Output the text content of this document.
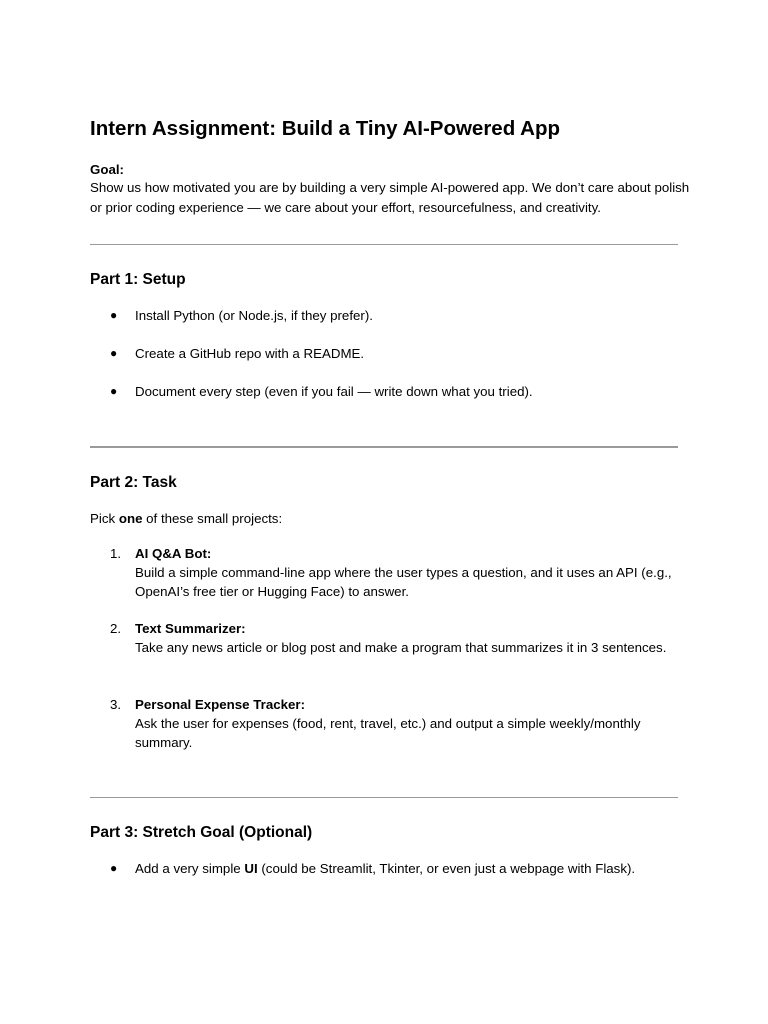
Intern Assignment: Build a Tiny AI-Powered App
Goal:
Show us how motivated you are by building a very simple AI-powered app. We don’t care about polish or prior coding experience — we care about your effort, resourcefulness, and creativity.
Part 1: Setup
● Install Python (or Node.js, if they prefer).
● Create a GitHub repo with a README.
● Document every step (even if you fail — write down what you tried).
Part 2: Task
Pick one of these small projects:
1. AI Q&A Bot:
Build a simple command-line app where the user types a question, and it uses an API (e.g., OpenAI’s free tier or Hugging Face) to answer.
2. Text Summarizer:
Take any news article or blog post and make a program that summarizes it in 3 sentences.
3. Personal Expense Tracker:
Ask the user for expenses (food, rent, travel, etc.) and output a simple weekly/monthly summary.
Part 3: Stretch Goal (Optional)
● Add a very simple UI (could be Streamlit, Tkinter, or even just a webpage with Flask).
